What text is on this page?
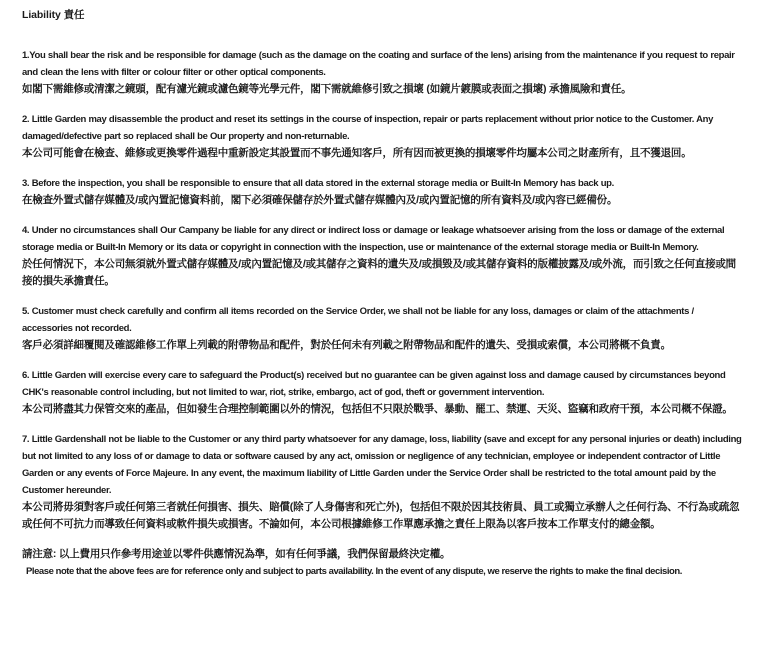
Liability 責任
1.You shall bear the risk and be responsible for damage (such as the damage on the coating and surface of the lens) arising from the maintenance if you request to repair and clean the lens with filter or colour filter or other optical components.
如閣下需維修或清潔之鏡頭，配有濾光鏡或濾色鏡等光學元件，閣下需就維修引致之損壞 (如鏡片鍍膜或表面之損壞) 承擔風險和責任。
2. Little Garden may disassemble the product and reset its settings in the course of inspection, repair or parts replacement without prior notice to the Customer. Any damaged/defective part so replaced shall be Our property and non-returnable.
本公司可能會在檢查、維修或更換零件過程中重新設定其設置而不事先通知客戶，所有因而被更換的損壞零件均屬本公司之財產所有，且不獲退回。
3. Before the inspection, you shall be responsible to ensure that all data stored in the external storage media or Built-In Memory has back up.
在檢查外置式儲存媒體及/或內置記憶資料前，閣下必須確保儲存於外置式儲存媒體內及/或內置記憶的所有資料及/或內容已經備份。
4. Under no circumstances shall Our Campany be liable for any direct or indirect loss or damage or leakage whatsoever arising from the loss or damage of the external storage media or Built-In Memory or its data or copyright in connection with the inspection, use or maintenance of the external storage media or Built-In Memory.
於任何情況下，本公司無須就外置式儲存媒體及/或內置記憶及/或其儲存之資料的遺失及/或損毀及/或其儲存資料的版權披露及/或外流，而引致之任何直接或間接的損失承擔責任。
5. Customer must check carefully and confirm all items recorded on the Service Order, we shall not be liable for any loss, damages or claim of the attachments / accessories not recorded.
客戶必須詳細覆閱及確認維修工作單上列載的附帶物品和配件，對於任何未有列載之附帶物品和配件的遺失、受損或索償，本公司將概不負責。
6. Little Garden will exercise every care to safeguard the Product(s) received but no guarantee can be given against loss and damage caused by circumstances beyond CHK's reasonable control including, but not limited to war, riot, strike, embargo, act of god, theft or government intervention.
本公司將盡其力保管交來的產品，但如發生合理控制範圍以外的情況，包括但不只限於戰爭、暴動、罷工、禁運、天災、盜竊和政府干預，本公司概不保證。
7. Little Gardenshall not be liable to the Customer or any third party whatsoever for any damage, loss, liability (save and except for any personal injuries or death) including but not limited to any loss of or damage to data or software caused by any act, omission or negligence of any technician, employee or independent contractor of Little Garden or any events of Force Majeure. In any event, the maximum liability of Little Garden under the Service Order shall be restricted to the total amount paid by the Customer hereunder.
本公司將毋須對客戶或任何第三者就任何損害、損失、賠償(除了人身傷害和死亡外)，包括但不限於因其技術員、員工或獨立承辦人之任何行為、不行為或疏忽或任何不可抗力而導致任何資料或軟件損失或損害。不論如何，本公司根據維修工作單應承擔之責任上限為以客戶按本工作單支付的總金額。

請注意: 以上費用只作參考用途並以零件供應情況為準，如有任何爭議，我們保留最終決定權。

Please note that the above fees are for reference only and subject to parts availability. In the event of any dispute, we reserve the rights to make the final decision.
